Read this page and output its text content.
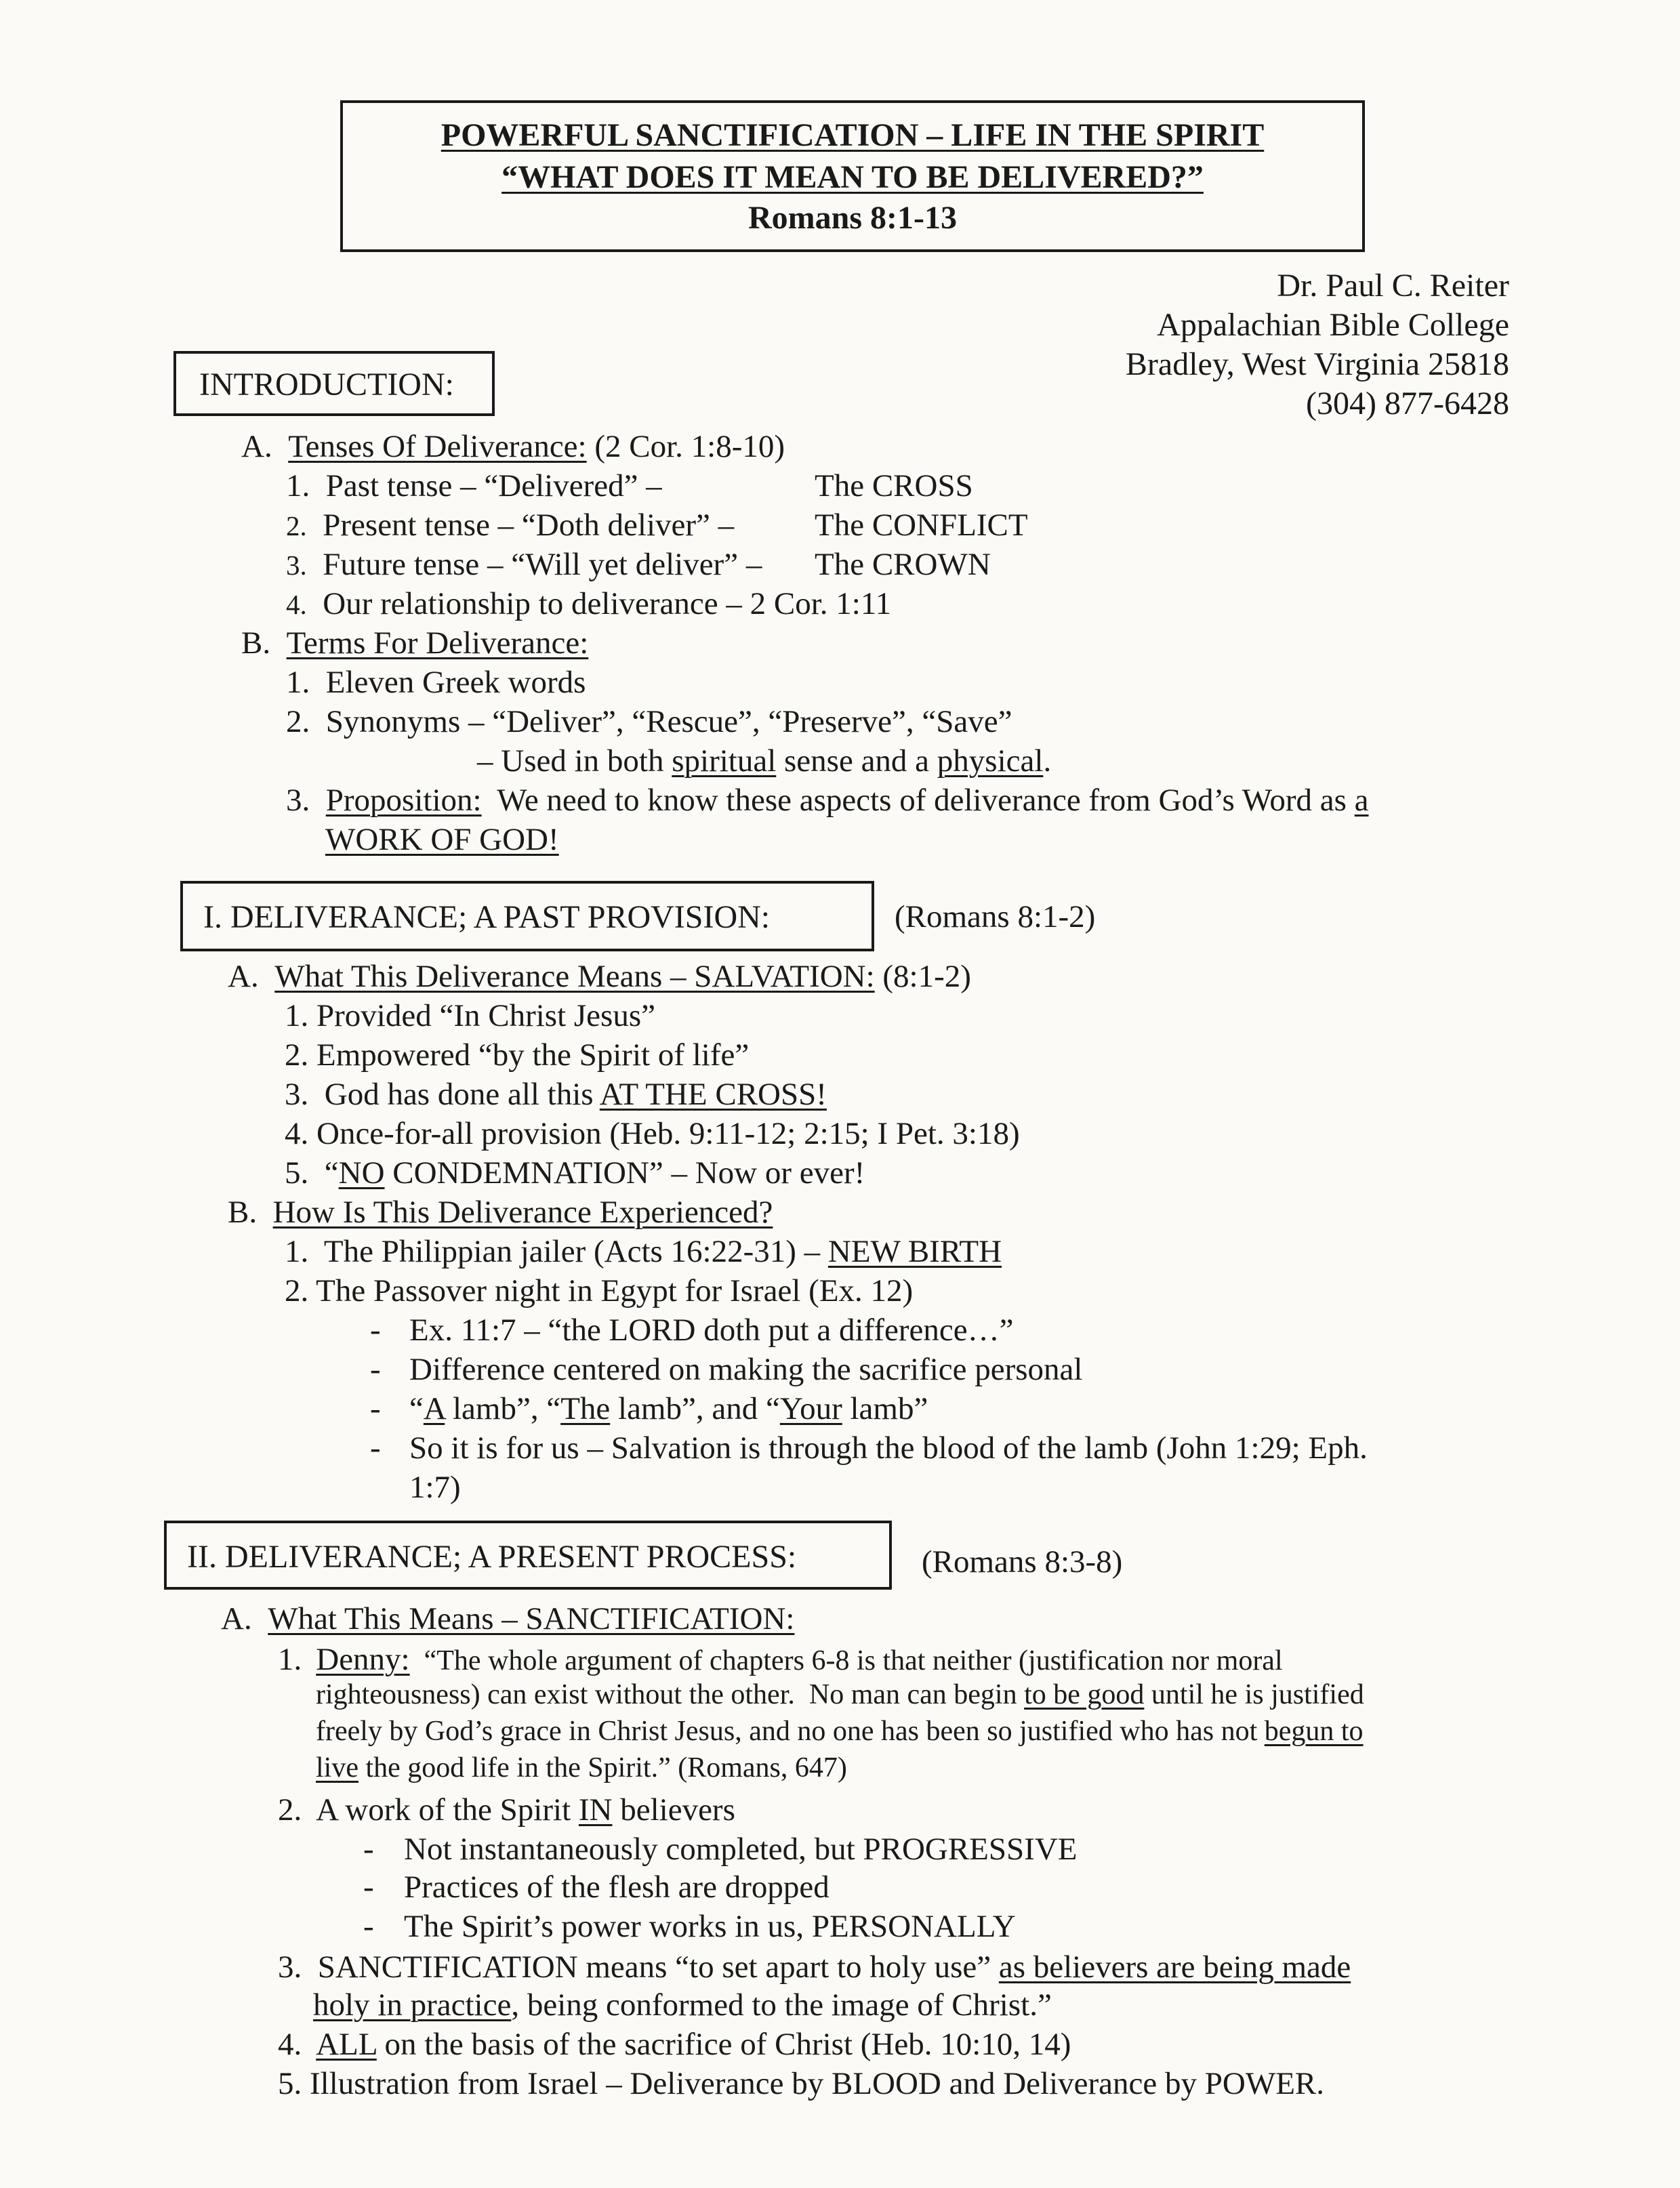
POWERFUL SANCTIFICATION – LIFE IN THE SPIRIT
“WHAT DOES IT MEAN TO BE DELIVERED?”
Romans 8:1-13
Dr. Paul C. Reiter
Appalachian Bible College
Bradley, West Virginia 25818
(304) 877-6428
INTRODUCTION:
A. Tenses Of Deliverance: (2 Cor. 1:8-10)
1. Past tense – “Delivered” –	The CROSS
2. Present tense – “Doth deliver” –	The CONFLICT
3. Future tense – “Will yet deliver” – The CROWN
4. Our relationship to deliverance – 2 Cor. 1:11
B. Terms For Deliverance:
1. Eleven Greek words
2. Synonyms – “Deliver”, “Rescue”, “Preserve”, “Save”
– Used in both spiritual sense and a physical.
3. Proposition:  We need to know these aspects of deliverance from God’s Word as a
WORK OF GOD!
I. DELIVERANCE; A PAST PROVISION:	(Romans 8:1-2)
A. What This Deliverance Means – SALVATION: (8:1-2)
1. Provided “In Christ Jesus”
2. Empowered “by the Spirit of life”
3.  God has done all this AT THE CROSS!
4. Once-for-all provision (Heb. 9:11-12; 2:15; I Pet. 3:18)
5.  “NO CONDEMNATION” – Now or ever!
B. How Is This Deliverance Experienced?
1.  The Philippian jailer (Acts 16:22-31) – NEW BIRTH
2. The Passover night in Egypt for Israel (Ex. 12)
- Ex. 11:7 – “the LORD doth put a difference…”
- Difference centered on making the sacrifice personal
- “A lamb”, “The lamb”, and “Your lamb”
- So it is for us – Salvation is through the blood of the lamb (John 1:29; Eph.
1:7)
II. DELIVERANCE; A PRESENT PROCESS:	(Romans 8:3-8)
A. What This Means – SANCTIFICATION:
1. Denny:  “The whole argument of chapters 6-8 is that neither (justification nor moral
righteousness) can exist without the other.  No man can begin to be good until he is justified
freely by God’s grace in Christ Jesus, and no one has been so justified who has not begun to
live the good life in the Spirit.” (Romans, 647)
2.  A work of the Spirit IN believers
- Not instantaneously completed, but PROGRESSIVE
- Practices of the flesh are dropped
- The Spirit’s power works in us, PERSONALLY
3.  SANCTIFICATION means “to set apart to holy use” as believers are being made
holy in practice, being conformed to the image of Christ.”
4.  ALL on the basis of the sacrifice of Christ (Heb. 10:10, 14)
5. Illustration from Israel – Deliverance by BLOOD and Deliverance by POWER.
